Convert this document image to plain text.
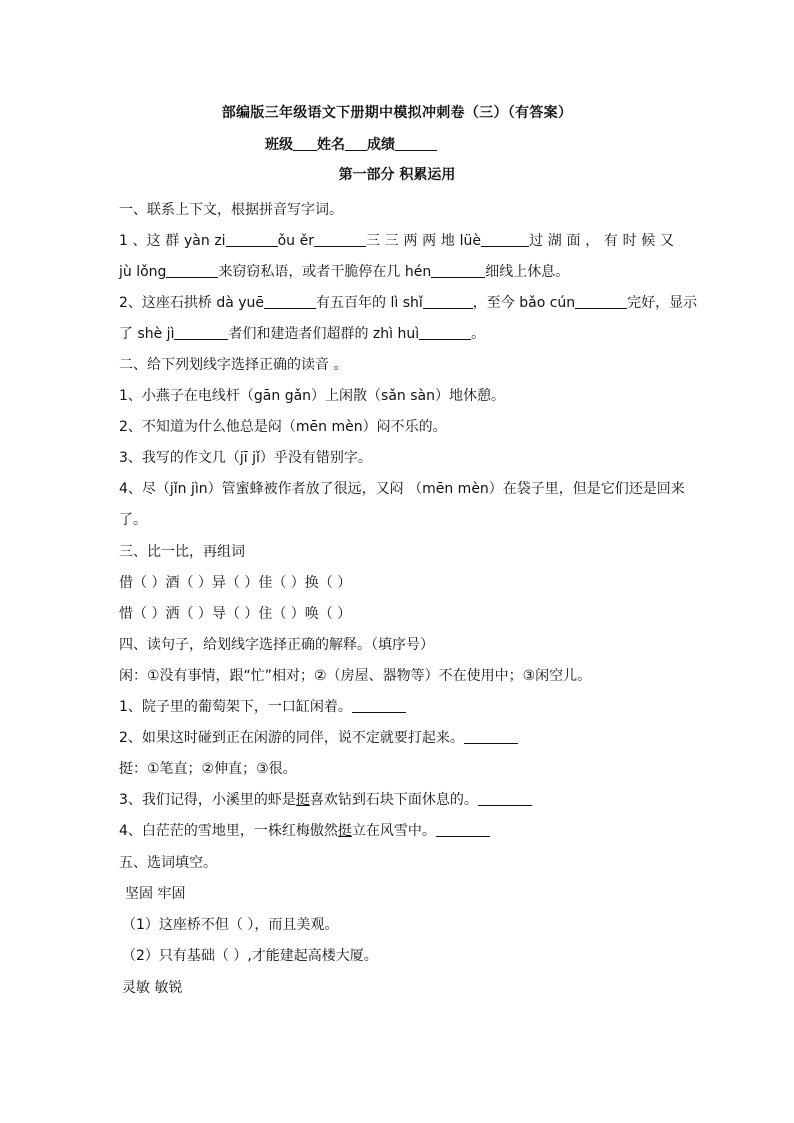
部编版三年级语文下册期中模拟冲刺卷（三）（有答案）
班级 姓名 成绩
第一部分 积累运用
一、联系上下文，根据拼音写字词。
1 、这 群 yàn zi	ǒu ěr	三 三 两 两 地 lüè	过 湖 面 ， 有 时 候 又
jù lǒng	来窃窃私语，或者干脆停在几 hén	细线上休息。
2、这座石拱桥 dà yuē	有五百年的 lì shǐ	，至今 bǎo cún	完好，显示
了 shè jì	者们和建造者们超群的 zhì huì	。
二、给下列划线字选择正确的读音 。
1、小燕子在电线杆（gān gǎn）上闲散（sǎn sàn）地休憩。
2、不知道为什么他总是闷（mēn mèn）闷不乐的。
3、我写的作文几（jī jǐ）乎没有错别字。
4、尽（jǐn jìn）管蜜蜂被作者放了很远，又闷 （mēn mèn）在袋子里，但是它们还是回来
了。
三、比一比，再组词
借（ ）酒（ ）异（ ）佳（ ）换（ ）
惜（ ）洒（ ）导（ ）住（ ）唤（ ）
四、读句子，给划线字选择正确的解释。（填序号）
闲：①没有事情，跟“忙”相对；②（房屋、器物等）不在使用中；③闲空儿。
1、院子里的葡萄架下，一口缸闲着。
2、如果这时碰到正在闲游的同伴，说不定就要打起来。
挺：①笔直；②伸直；③很。
3、我们记得，小溪里的虾是挺喜欢钻到石块下面休息的。
4、白茫茫的雪地里，一株红梅傲然挺立在风雪中。
五、选词填空。
坚固 牢固
（1）这座桥不但（ ），而且美观。
（2）只有基础（ ）,才能建起高楼大厦。
灵敏 敏锐
